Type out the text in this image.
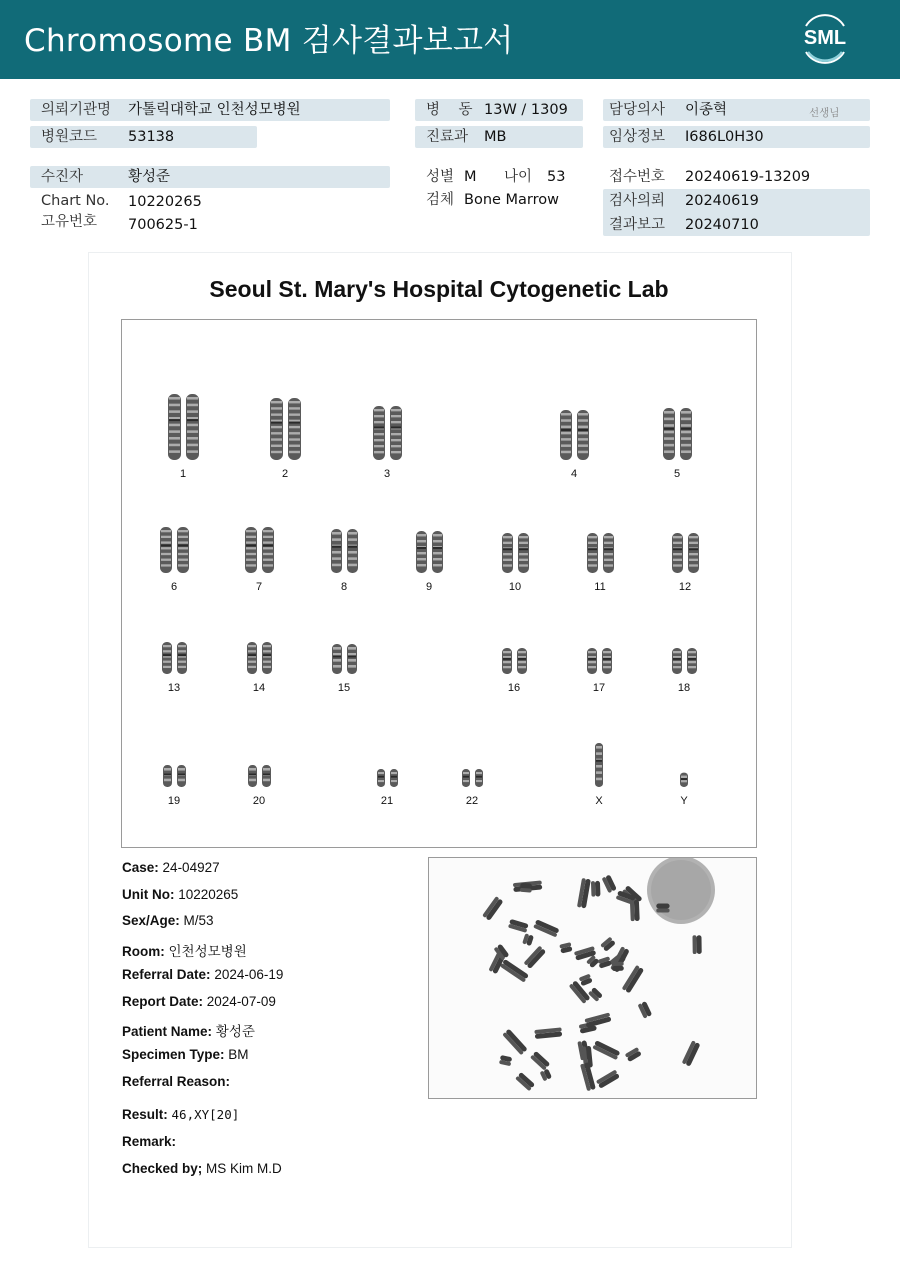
Chromosome BM 검사결과보고서	SML
의뢰기관명 가톨릭대학교 인천성모병원
병원코드 53138
병    동 13W / 1309
진료과 MB
담당의사 이종혁	선생님
임상정보 I686L0H30
수진자	황성준
Chart No. 10220265
고유번호 700625-1
성별 M 나이 53
검체 Bone Marrow
접수번호 20240619-13209
검사의뢰 20240619
결과보고 20240710
Seoul St. Mary's Hospital Cytogenetic Lab
1	2	3	4	5
6	7	8	9	10	11	12
13	14	15	16	17	18
19	20	21	22	X	Y
Case: 24-04927
Unit No: 10220265
Sex/Age: M/53
Room: 인천성모병원
Referral Date: 2024-06-19
Report Date: 2024-07-09
Patient Name: 황성준
Specimen Type: BM
Referral Reason:
Result: 46,XY[20]
Remark:
Checked by; MS Kim M.D
